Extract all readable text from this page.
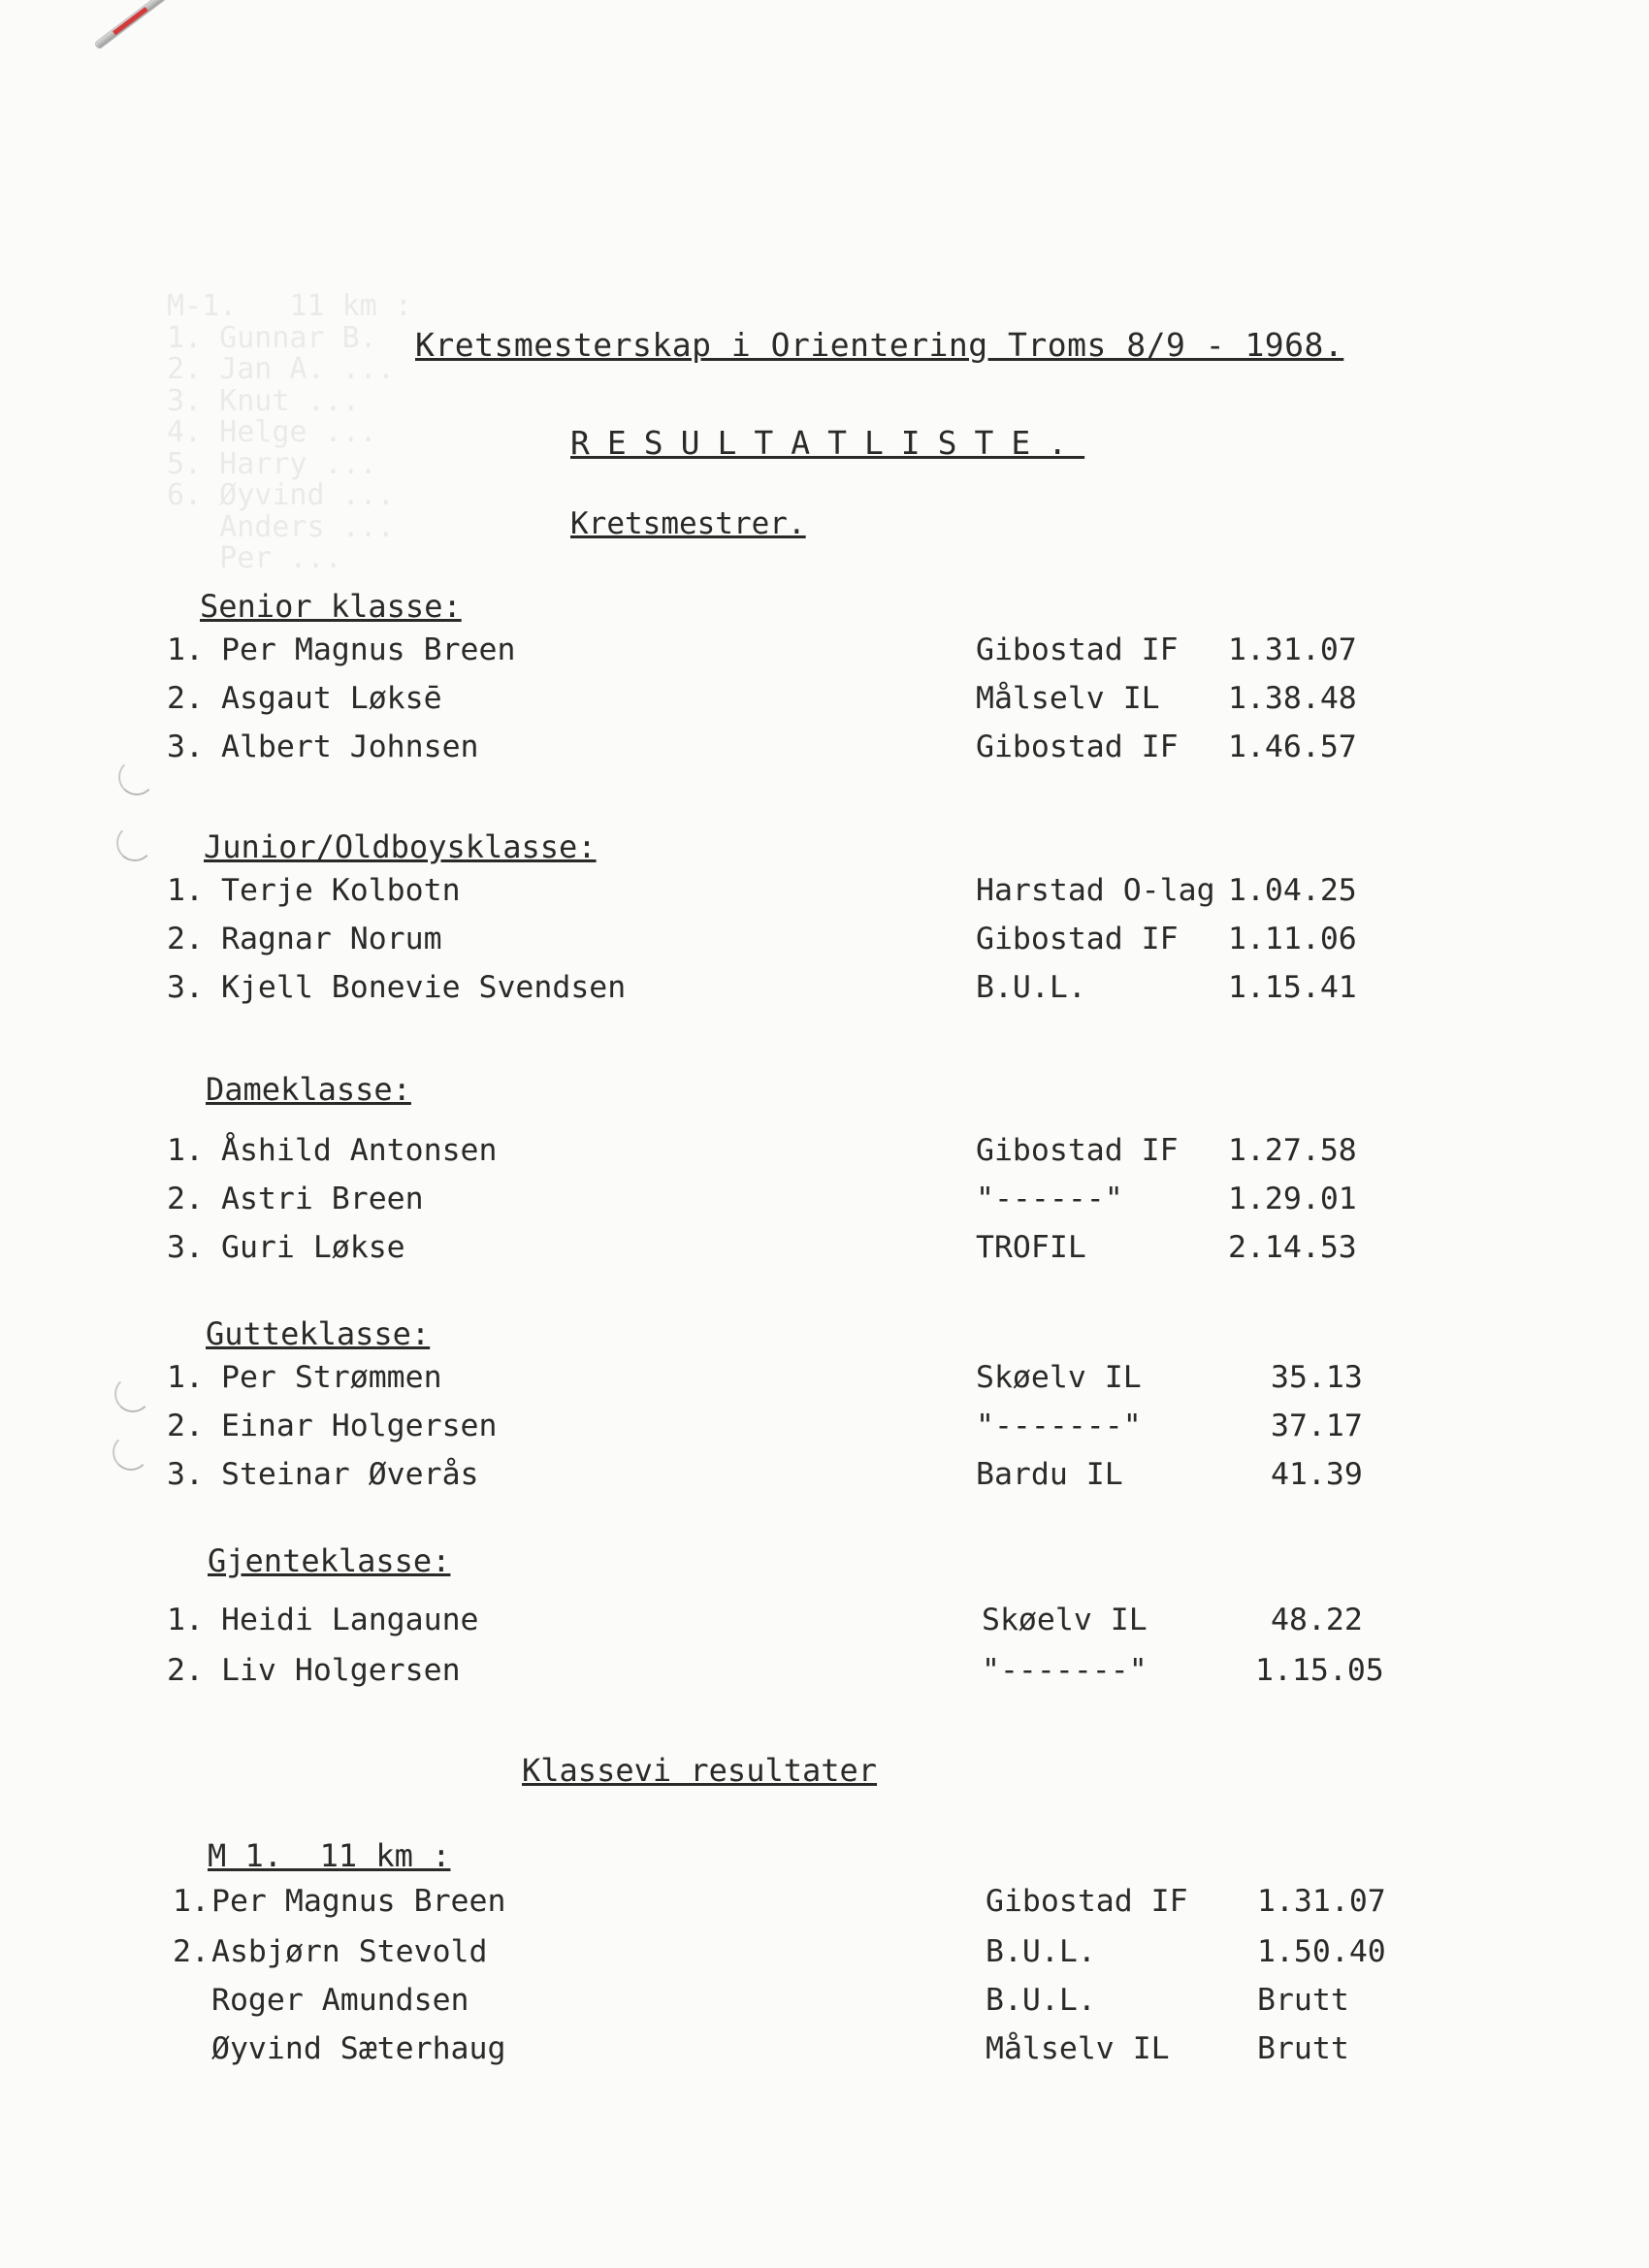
M-1.   11 km :
1. Gunnar B.
2. Jan A. ...
3. Knut ...
4. Helge ...
5. Harry ...
6. Øyvind ...
Anders ...
Per ...
Kretsmesterskap i Orientering Troms 8/9 - 1968.
RESULTATLISTE.
Kretsmestrer.
Senior klasse:
1. Per Magnus Breen	Gibostad IF 1.31.07
2. Asgaut Løksē	Målselv IL 1.38.48
3. Albert Johnsen	Gibostad IF 1.46.57
Junior/Oldboysklasse:
1. Terje Kolbotn	Harstad O-lag 1.04.25
2. Ragnar Norum	Gibostad IF 1.11.06
3. Kjell Bonevie Svendsen	B.U.L.	1.15.41
Dameklasse:
1. Åshild Antonsen	Gibostad IF 1.27.58
2. Astri Breen	"------"	1.29.01
3. Guri Løkse	TROFIL	2.14.53
Gutteklasse:
1. Per Strømmen	Skøelv IL	35.13
2. Einar Holgersen	"-------"	37.17
3. Steinar Øverås	Bardu IL	41.39
Gjenteklasse:
1. Heidi Langaune	Skøelv IL	48.22
2. Liv Holgersen	"-------"	1.15.05
Klassevi resultater
M 1.  11 km :
1. Per Magnus Breen	Gibostad IF 1.31.07
2. Asbjørn Stevold	B.U.L.	1.50.40
Roger Amundsen	B.U.L.	Brutt
Øyvind Sæterhaug	Målselv IL	Brutt
